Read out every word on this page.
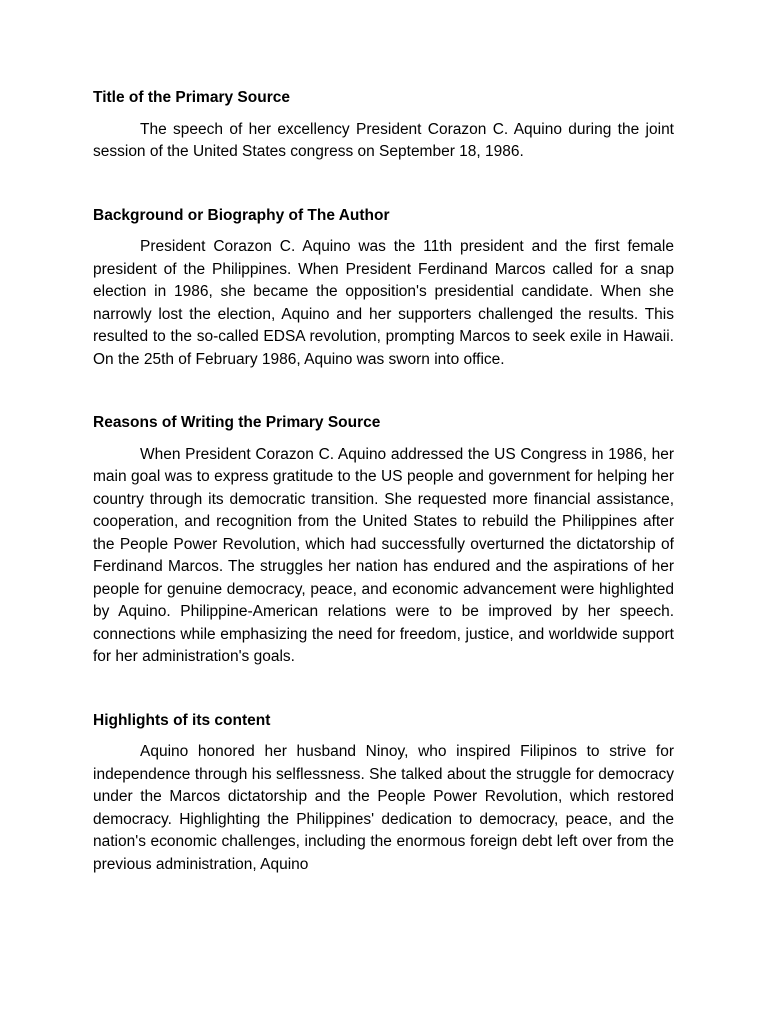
Title of the Primary Source

The speech of her excellency President Corazon C. Aquino during the joint session of the United States congress on September 18, 1986.

Background or Biography of The Author

President Corazon C. Aquino was the 11th president and the first female president of the Philippines. When President Ferdinand Marcos called for a snap election in 1986, she became the opposition's presidential candidate. When she narrowly lost the election, Aquino and her supporters challenged the results. This resulted to the so-called EDSA revolution, prompting Marcos to seek exile in Hawaii. On the 25th of February 1986, Aquino was sworn into office.

Reasons of Writing the Primary Source

When President Corazon C. Aquino addressed the US Congress in 1986, her main goal was to express gratitude to the US people and government for helping her country through its democratic transition. She requested more financial assistance, cooperation, and recognition from the United States to rebuild the Philippines after the People Power Revolution, which had successfully overturned the dictatorship of Ferdinand Marcos. The struggles her nation has endured and the aspirations of her people for genuine democracy, peace, and economic advancement were highlighted by Aquino. Philippine-American relations were to be improved by her speech. connections while emphasizing the need for freedom, justice, and worldwide support for her administration's goals.

Highlights of its content

Aquino honored her husband Ninoy, who inspired Filipinos to strive for independence through his selflessness. She talked about the struggle for democracy under the Marcos dictatorship and the People Power Revolution, which restored democracy. Highlighting the Philippines' dedication to democracy, peace, and the nation's economic challenges, including the enormous foreign debt left over from the previous administration, Aquino
